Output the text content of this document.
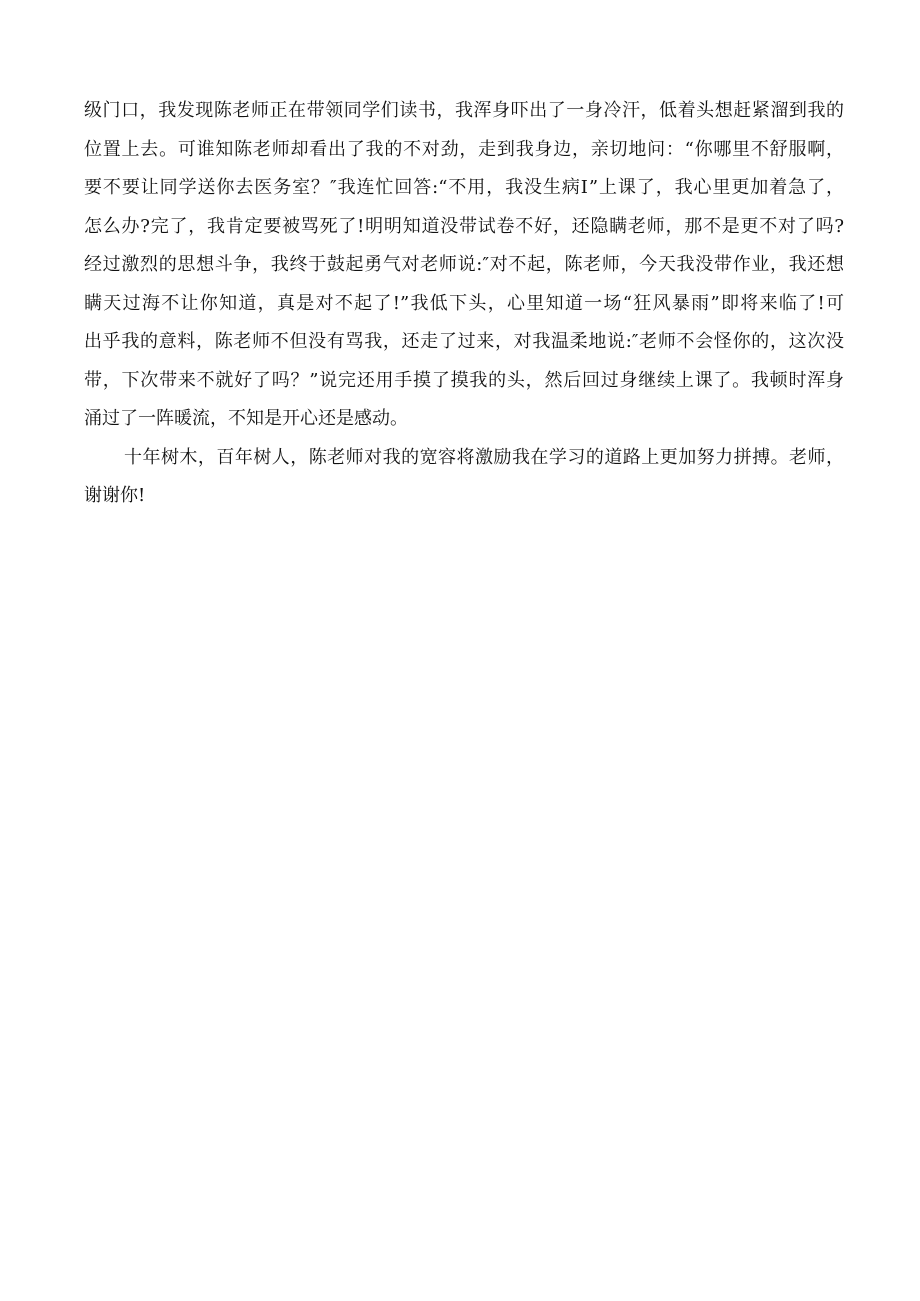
级门口，我发现陈老师正在带领同学们读书，我浑身吓出了一身冷汗，低着头想赶紧溜到我的
位置上去。可谁知陈老师却看出了我的不对劲，走到我身边，亲切地问：“你哪里不舒服啊，
要不要让同学送你去医务室？″我连忙回答:“不用，我没生病Ⅰ”上课了，我心里更加着急了，
怎么办?完了，我肯定要被骂死了!明明知道没带试卷不好，还隐瞒老师，那不是更不对了吗?
经过激烈的思想斗争，我终于鼓起勇气对老师说:″对不起，陈老师，今天我没带作业，我还想
瞒天过海不让你知道，真是对不起了!”我低下头，心里知道一场“狂风暴雨”即将来临了!可
出乎我的意料，陈老师不但没有骂我，还走了过来，对我温柔地说:″老师不会怪你的，这次没
带，下次带来不就好了吗？”说完还用手摸了摸我的头，然后回过身继续上课了。我顿时浑身
涌过了一阵暖流，不知是开心还是感动。
十年树木，百年树人，陈老师对我的宽容将激励我在学习的道路上更加努力拼搏。老师，
谢谢你!
